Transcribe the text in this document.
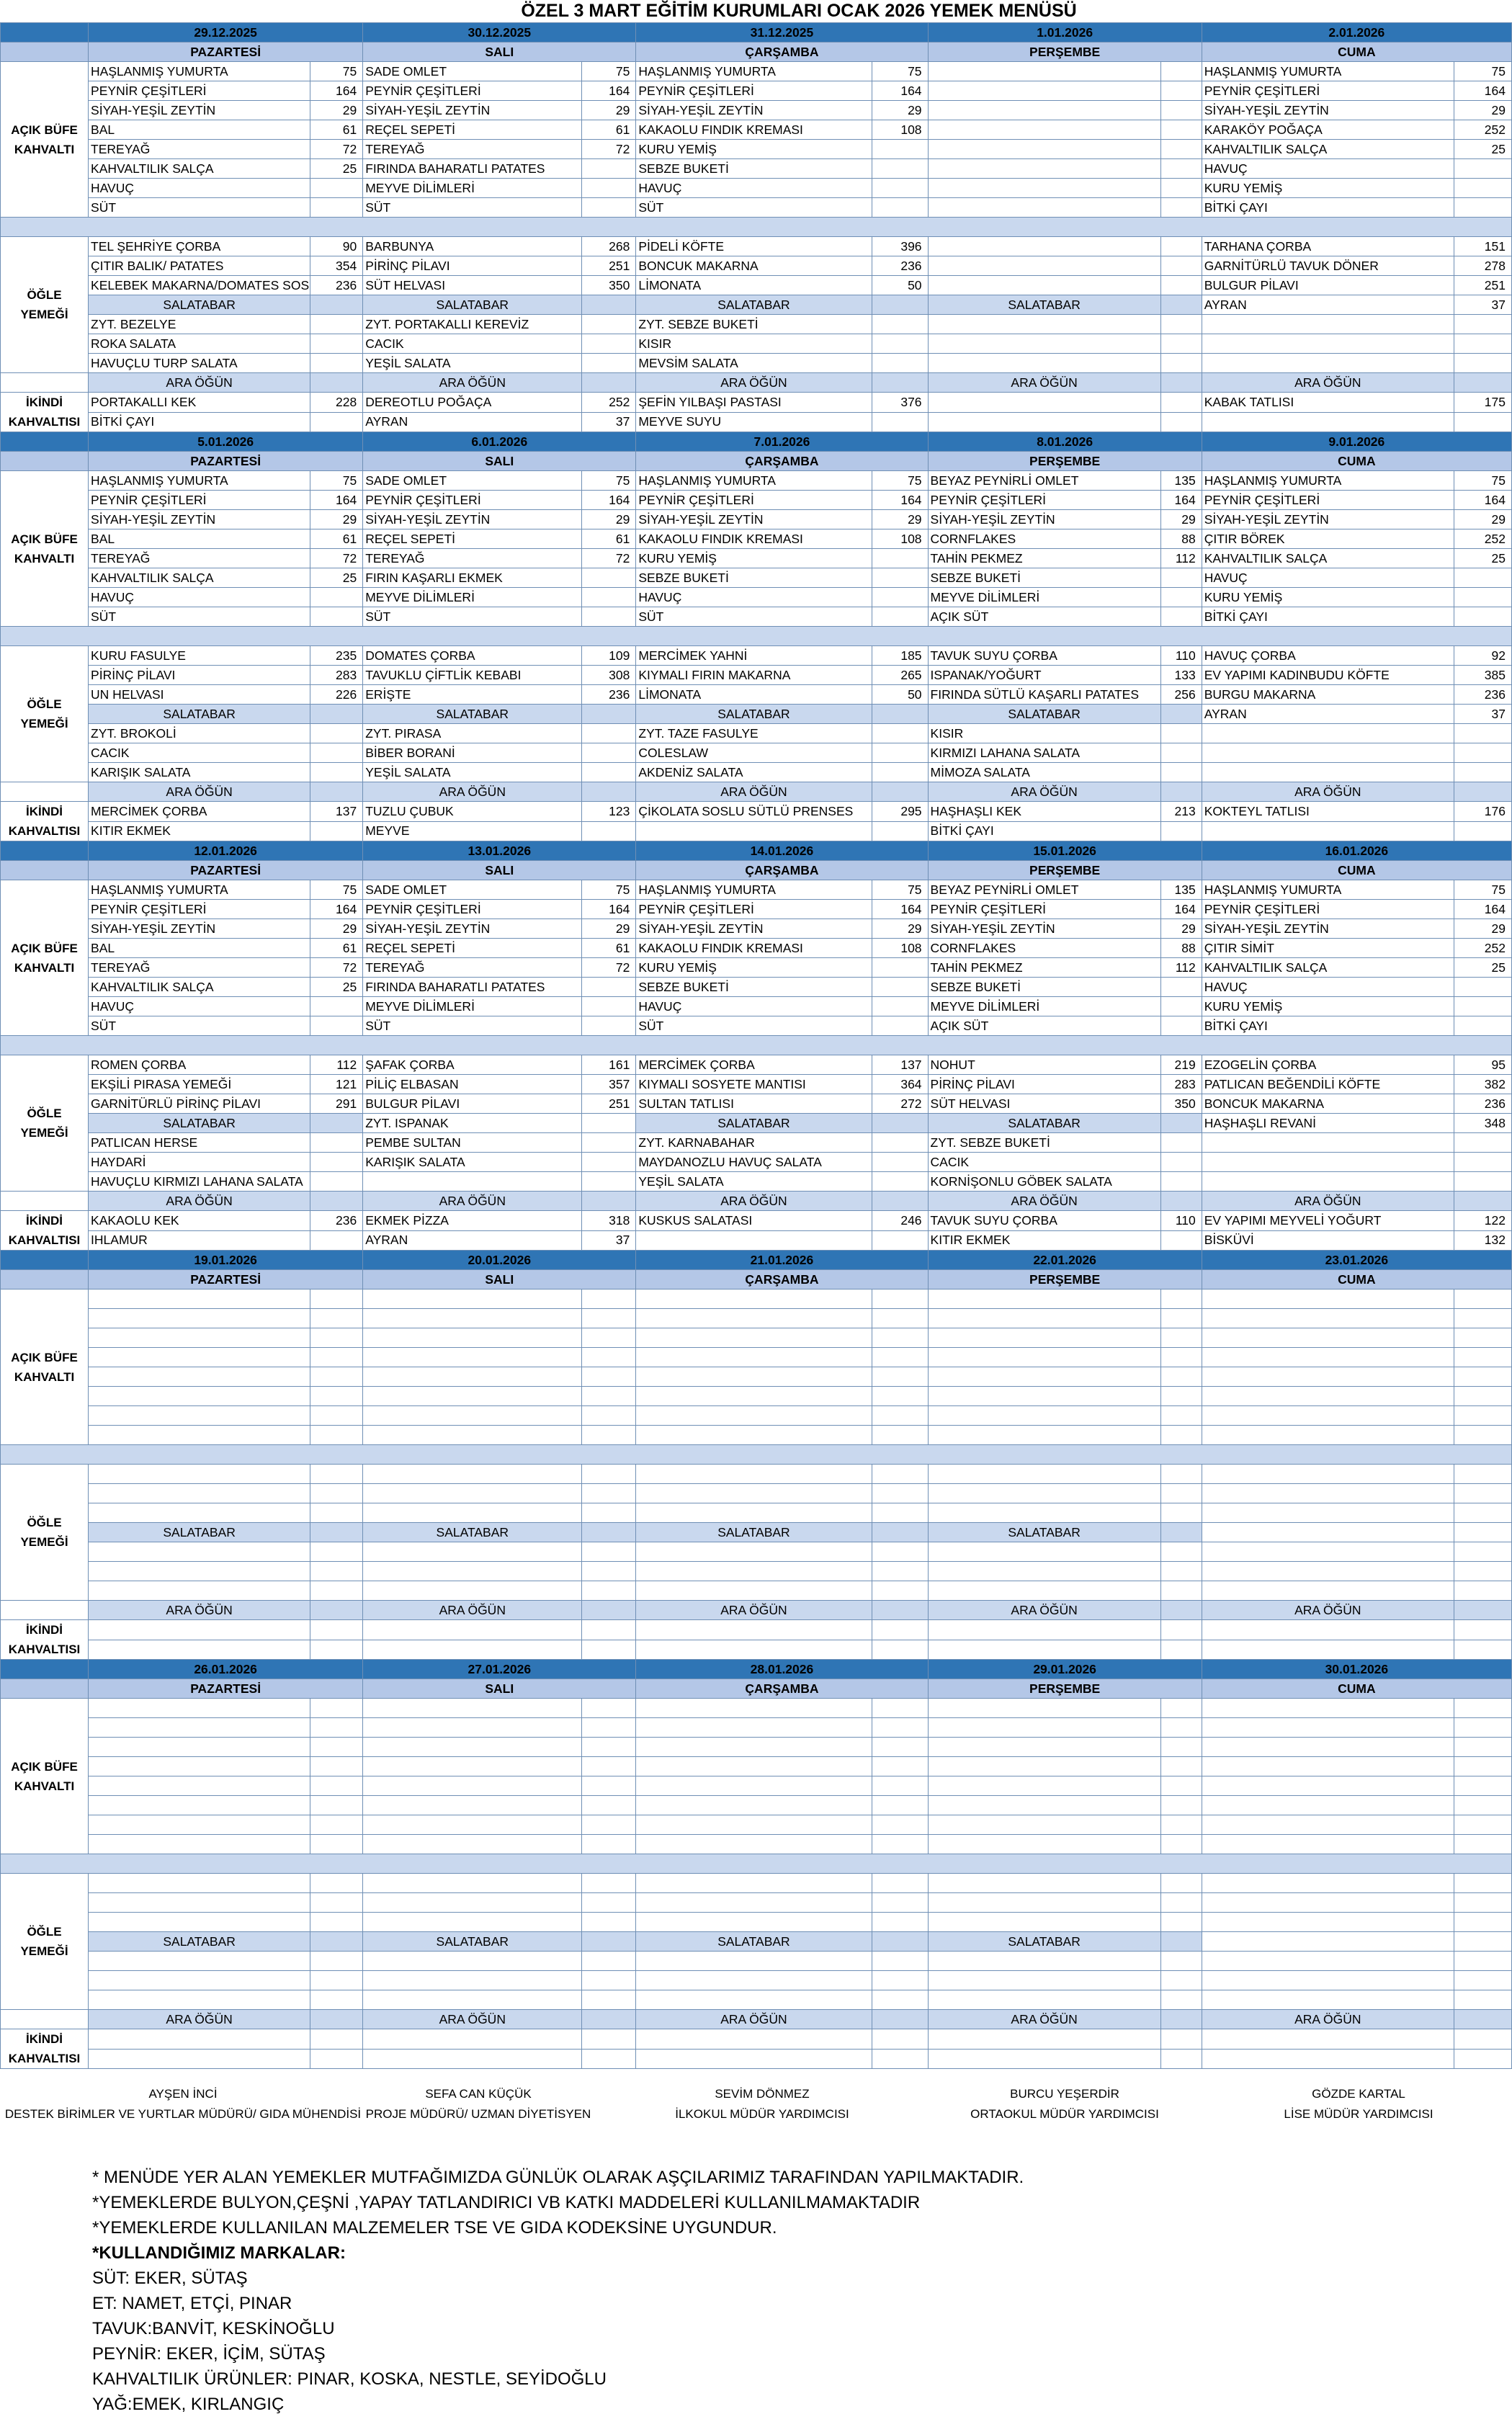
ÖZEL 3 MART EĞİTİM KURUMLARI OCAK 2026 YEMEK MENÜSÜ
	29.12.2025		30.12.2025		31.12.2025		1.01.2026		2.01.2026	
	PAZARTESİ		SALI		ÇARŞAMBA		PERŞEMBE		CUMA	
AÇIK BÜFE KAHVALTI	HAŞLANMIŞ YUMURTA	75	SADE OMLET	75	HAŞLANMIŞ YUMURTA	75			HAŞLANMIŞ YUMURTA	75
	PEYNİR ÇEŞİTLERİ	164	PEYNİR ÇEŞİTLERİ	164	PEYNİR ÇEŞİTLERİ	164			PEYNİR ÇEŞİTLERİ	164
	SİYAH-YEŞİL ZEYTİN	29	SİYAH-YEŞİL ZEYTİN	29	SİYAH-YEŞİL ZEYTİN	29			SİYAH-YEŞİL ZEYTİN	29
	BAL	61	REÇEL SEPETİ	61	KAKAOLU FINDIK KREMASI	108			KARAKÖY POĞAÇA	252
	TEREYAĞ	72	TEREYAĞ	72	KURU YEMİŞ				KAHVALTILIK SALÇA	25
	KAHVALTILIK SALÇA	25	FIRINDA BAHARATLI PATATES		SEBZE BUKETİ				HAVUÇ	
	HAVUÇ		MEYVE DİLİMLERİ		HAVUÇ				KURU YEMİŞ	
	SÜT		SÜT		SÜT				BİTKİ ÇAYI	

ÖĞLE YEMEĞİ	TEL ŞEHRİYE ÇORBA	90	BARBUNYA	268	PİDELİ KÖFTE	396			TARHANA ÇORBA	151
	ÇITIR BALIK/ PATATES	354	PİRİNÇ PİLAVI	251	BONCUK MAKARNA	236			GARNİTÜRLÜ TAVUK DÖNER	278
	KELEBEK MAKARNA/DOMATES SOS	236	SÜT HELVASI	350	LİMONATA	50			BULGUR PİLAVI	251
	SALATABAR		SALATABAR		SALATABAR		SALATABAR		AYRAN	37
	ZYT. BEZELYE		ZYT. PORTAKALLI KEREVİZ		ZYT. SEBZE BUKETİ					
	ROKA SALATA		CACIK		KISIR					
	HAVUÇLU TURP SALATA		YEŞİL SALATA		MEVSİM SALATA					
	ARA ÖĞÜN		ARA ÖĞÜN		ARA ÖĞÜN		ARA ÖĞÜN		ARA ÖĞÜN	
İKİNDİ KAHVALTISI	PORTAKALLI KEK	228	DEREOTLU POĞAÇA	252	ŞEFİN YILBAŞI PASTASI	376			KABAK TATLISI	175
	BİTKİ ÇAYI		AYRAN	37	MEYVE SUYU					
	5.01.2026		6.01.2026		7.01.2026		8.01.2026		9.01.2026	
	PAZARTESİ		SALI		ÇARŞAMBA		PERŞEMBE		CUMA	
AÇIK BÜFE KAHVALTI	HAŞLANMIŞ YUMURTA	75	SADE OMLET	75	HAŞLANMIŞ YUMURTA	75	BEYAZ PEYNİRLİ OMLET	135	HAŞLANMIŞ YUMURTA	75
	PEYNİR ÇEŞİTLERİ	164	PEYNİR ÇEŞİTLERİ	164	PEYNİR ÇEŞİTLERİ	164	PEYNİR ÇEŞİTLERİ	164	PEYNİR ÇEŞİTLERİ	164
	SİYAH-YEŞİL ZEYTİN	29	SİYAH-YEŞİL ZEYTİN	29	SİYAH-YEŞİL ZEYTİN	29	SİYAH-YEŞİL ZEYTİN	29	SİYAH-YEŞİL ZEYTİN	29
	BAL	61	REÇEL SEPETİ	61	KAKAOLU FINDIK KREMASI	108	CORNFLAKES	88	ÇITIR BÖREK	252
	TEREYAĞ	72	TEREYAĞ	72	KURU YEMİŞ		TAHİN PEKMEZ	112	KAHVALTILIK SALÇA	25
	KAHVALTILIK SALÇA	25	FIRIN KAŞARLI EKMEK		SEBZE BUKETİ		SEBZE BUKETİ		HAVUÇ	
	HAVUÇ		MEYVE DİLİMLERİ		HAVUÇ		MEYVE DİLİMLERİ		KURU YEMİŞ	
	SÜT		SÜT		SÜT		AÇIK SÜT		BİTKİ ÇAYI	

ÖĞLE YEMEĞİ	KURU FASULYE	235	DOMATES ÇORBA	109	MERCİMEK YAHNİ	185	TAVUK SUYU ÇORBA	110	HAVUÇ ÇORBA	92
	PİRİNÇ PİLAVI	283	TAVUKLU ÇİFTLİK KEBABI	308	KIYMALI FIRIN MAKARNA	265	ISPANAK/YOĞURT	133	EV YAPIMI KADINBUDU KÖFTE	385
	UN HELVASI	226	ERİŞTE	236	LİMONATA	50	FIRINDA SÜTLÜ KAŞARLI PATATES	256	BURGU MAKARNA	236
	SALATABAR		SALATABAR		SALATABAR		SALATABAR		AYRAN	37
	ZYT. BROKOLİ		ZYT. PIRASA		ZYT. TAZE FASULYE		KISIR			
	CACIK		BİBER BORANİ		COLESLAW		KIRMIZI LAHANA SALATA			
	KARIŞIK SALATA		YEŞİL SALATA		AKDENİZ SALATA		MİMOZA SALATA			
	ARA ÖĞÜN		ARA ÖĞÜN		ARA ÖĞÜN		ARA ÖĞÜN		ARA ÖĞÜN	
İKİNDİ KAHVALTISI	MERCİMEK ÇORBA	137	TUZLU ÇUBUK	123	ÇİKOLATA SOSLU SÜTLÜ PRENSES	295	HAŞHAŞLI KEK	213	KOKTEYL TATLISI	176
	KITIR EKMEK		MEYVE				BİTKİ ÇAYI			
	12.01.2026		13.01.2026		14.01.2026		15.01.2026		16.01.2026	
	PAZARTESİ		SALI		ÇARŞAMBA		PERŞEMBE		CUMA	
AÇIK BÜFE KAHVALTI	HAŞLANMIŞ YUMURTA	75	SADE OMLET	75	HAŞLANMIŞ YUMURTA	75	BEYAZ PEYNİRLİ OMLET	135	HAŞLANMIŞ YUMURTA	75
	PEYNİR ÇEŞİTLERİ	164	PEYNİR ÇEŞİTLERİ	164	PEYNİR ÇEŞİTLERİ	164	PEYNİR ÇEŞİTLERİ	164	PEYNİR ÇEŞİTLERİ	164
	SİYAH-YEŞİL ZEYTİN	29	SİYAH-YEŞİL ZEYTİN	29	SİYAH-YEŞİL ZEYTİN	29	SİYAH-YEŞİL ZEYTİN	29	SİYAH-YEŞİL ZEYTİN	29
	BAL	61	REÇEL SEPETİ	61	KAKAOLU FINDIK KREMASI	108	CORNFLAKES	88	ÇITIR SİMİT	252
	TEREYAĞ	72	TEREYAĞ	72	KURU YEMİŞ		TAHİN PEKMEZ	112	KAHVALTILIK SALÇA	25
	KAHVALTILIK SALÇA	25	FIRINDA BAHARATLI PATATES		SEBZE BUKETİ		SEBZE BUKETİ		HAVUÇ	
	HAVUÇ		MEYVE DİLİMLERİ		HAVUÇ		MEYVE DİLİMLERİ		KURU YEMİŞ	
	SÜT		SÜT		SÜT		AÇIK SÜT		BİTKİ ÇAYI	

ÖĞLE YEMEĞİ	ROMEN ÇORBA	112	ŞAFAK ÇORBA	161	MERCİMEK ÇORBA	137	NOHUT	219	EZOGELİN ÇORBA	95
	EKŞİLİ PIRASA YEMEĞİ	121	PİLİÇ ELBASAN	357	KIYMALI SOSYETE MANTISI	364	PİRİNÇ PİLAVI	283	PATLICAN BEĞENDİLİ KÖFTE	382
	GARNİTÜRLÜ PİRİNÇ PİLAVI	291	BULGUR PİLAVI	251	SULTAN TATLISI	272	SÜT HELVASI	350	BONCUK MAKARNA	236
	SALATABAR		ZYT. ISPANAK		SALATABAR		SALATABAR		HAŞHAŞLI REVANİ	348
	PATLICAN HERSE		PEMBE SULTAN		ZYT. KARNABAHAR		ZYT. SEBZE BUKETİ			
	HAYDARİ		KARIŞIK SALATA		MAYDANOZLU HAVUÇ SALATA		CACIK			
	HAVUÇLU KIRMIZI LAHANA SALATA				YEŞİL SALATA		KORNİŞONLU GÖBEK SALATA			
	ARA ÖĞÜN		ARA ÖĞÜN		ARA ÖĞÜN		ARA ÖĞÜN		ARA ÖĞÜN	
İKİNDİ KAHVALTISI	KAKAOLU KEK	236	EKMEK PİZZA	318	KUSKUS SALATASI	246	TAVUK SUYU ÇORBA	110	EV YAPIMI MEYVELİ YOĞURT	122
	IHLAMUR		AYRAN	37			KITIR EKMEK		BİSKÜVİ	132
	19.01.2026		20.01.2026		21.01.2026		22.01.2026		23.01.2026	
	PAZARTESİ		SALI		ÇARŞAMBA		PERŞEMBE		CUMA	
AÇIK BÜFE KAHVALTI										

ÖĞLE YEMEĞİ										

	SALATABAR		SALATABAR		SALATABAR		SALATABAR			

	ARA ÖĞÜN		ARA ÖĞÜN		ARA ÖĞÜN		ARA ÖĞÜN		ARA ÖĞÜN	
İKİNDİ KAHVALTISI										

	26.01.2026		27.01.2026		28.01.2026		29.01.2026		30.01.2026	
	PAZARTESİ		SALI		ÇARŞAMBA		PERŞEMBE		CUMA	
AÇIK BÜFE KAHVALTI										

ÖĞLE YEMEĞİ										

	SALATABAR		SALATABAR		SALATABAR		SALATABAR			

	ARA ÖĞÜN		ARA ÖĞÜN		ARA ÖĞÜN		ARA ÖĞÜN		ARA ÖĞÜN	
İKİNDİ KAHVALTISI										

AYŞEN İNCİ
DESTEK BİRİMLER VE YURTLAR MÜDÜRÜ/ GIDA MÜHENDİSİ
SEFA CAN KÜÇÜK
PROJE MÜDÜRÜ/ UZMAN DİYETİSYEN
SEVİM DÖNMEZ
İLKOKUL MÜDÜR YARDIMCISI
BURCU YEŞERDİR
ORTAOKUL MÜDÜR YARDIMCISI
GÖZDE KARTAL
LİSE MÜDÜR YARDIMCISI
* MENÜDE YER ALAN YEMEKLER MUTFAĞIMIZDA GÜNLÜK OLARAK AŞÇILARIMIZ TARAFINDAN YAPILMAKTADIR.
*YEMEKLERDE BULYON,ÇEŞNİ ,YAPAY TATLANDIRICI VB KATKI MADDELERİ KULLANILMAMAKTADIR
*YEMEKLERDE KULLANILAN MALZEMELER TSE VE GIDA KODEKSİNE UYGUNDUR.
*KULLANDIĞIMIZ MARKALAR:
SÜT: EKER, SÜTAŞ
ET: NAMET, ETÇİ, PINAR
TAVUK:BANVİT, KESKİNOĞLU
PEYNİR: EKER, İÇİM, SÜTAŞ
KAHVALTILIK ÜRÜNLER: PINAR, KOSKA, NESTLE, SEYİDOĞLU
YAĞ:EMEK, KIRLANGIÇ
